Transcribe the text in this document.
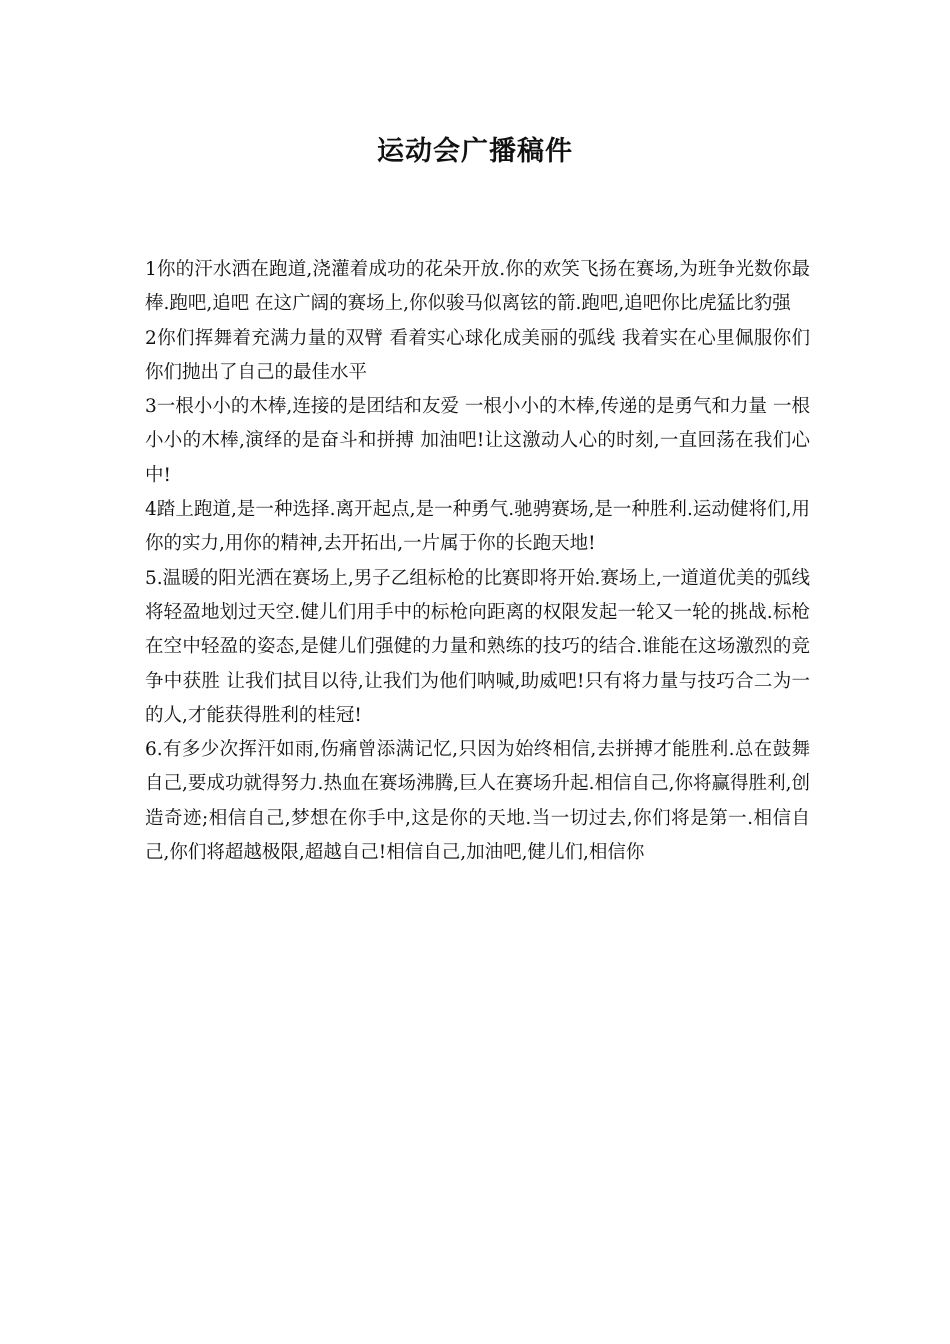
运动会广播稿件

1你的汗水洒在跑道,浇灌着成功的花朵开放.你的欢笑飞扬在赛场,为班争光数你最棒.跑吧,追吧 在这广阔的赛场上,你似骏马似离铉的箭.跑吧,追吧你比虎猛比豹强

2你们挥舞着充满力量的双臂 看着实心球化成美丽的弧线 我着实在心里佩服你们你们抛出了自己的最佳水平

3一根小小的木棒,连接的是团结和友爱 一根小小的木棒,传递的是勇气和力量 一根小小的木棒,演绎的是奋斗和拼搏 加油吧!让这激动人心的时刻,一直回荡在我们心中!

4踏上跑道,是一种选择.离开起点,是一种勇气.驰骋赛场,是一种胜利.运动健将们,用你的实力,用你的精神,去开拓出,一片属于你的长跑天地!

5.温暖的阳光洒在赛场上,男子乙组标枪的比赛即将开始.赛场上,一道道优美的弧线将轻盈地划过天空.健儿们用手中的标枪向距离的权限发起一轮又一轮的挑战.标枪在空中轻盈的姿态,是健儿们强健的力量和熟练的技巧的结合.谁能在这场激烈的竞争中获胜 让我们拭目以待,让我们为他们呐喊,助威吧!只有将力量与技巧合二为一的人,才能获得胜利的桂冠!

6.有多少次挥汗如雨,伤痛曾添满记忆,只因为始终相信,去拼搏才能胜利.总在鼓舞自己,要成功就得努力.热血在赛场沸腾,巨人在赛场升起.相信自己,你将赢得胜利,创造奇迹;相信自己,梦想在你手中,这是你的天地.当一切过去,你们将是第一.相信自己,你们将超越极限,超越自己!相信自己,加油吧,健儿们,相信你
